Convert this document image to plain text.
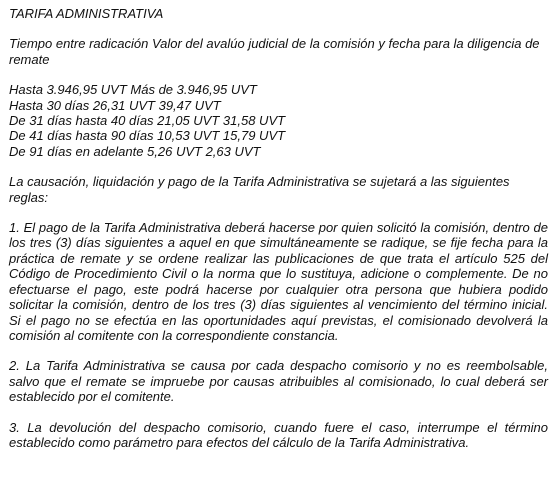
TARIFA ADMINISTRATIVA

Tiempo entre radicación Valor del avalúo judicial de la comisión y fecha para la diligencia de remate

Hasta 3.946,95 UVT Más de 3.946,95 UVT

Hasta 30 días 26,31 UVT 39,47 UVT

De 31 días hasta 40 días 21,05 UVT 31,58 UVT

De 41 días hasta 90 días 10,53 UVT 15,79 UVT

De 91 días en adelante 5,26 UVT 2,63 UVT

La causación, liquidación y pago de la Tarifa Administrativa se sujetará a las siguientes reglas:

1. El pago de la Tarifa Administrativa deberá hacerse por quien solicitó la comisión, dentro de los tres (3) días siguientes a aquel en que simultáneamente se radique, se fije fecha para la práctica de remate y se ordene realizar las publicaciones de que trata el artículo 525 del Código de Procedimiento Civil o la norma que lo sustituya, adicione o complemente. De no efectuarse el pago, este podrá hacerse por cualquier otra persona que hubiera podido solicitar la comisión, dentro de los tres (3) días siguientes al vencimiento del término inicial. Si el pago no se efectúa en las oportunidades aquí previstas, el comisionado devolverá la comisión al comitente con la correspondiente constancia.

2. La Tarifa Administrativa se causa por cada despacho comisorio y no es reembolsable, salvo que el remate se impruebe por causas atribuibles al comisionado, lo cual deberá ser establecido por el comitente.

3. La devolución del despacho comisorio, cuando fuere el caso, interrumpe el término establecido como parámetro para efectos del cálculo de la Tarifa Administrativa.
